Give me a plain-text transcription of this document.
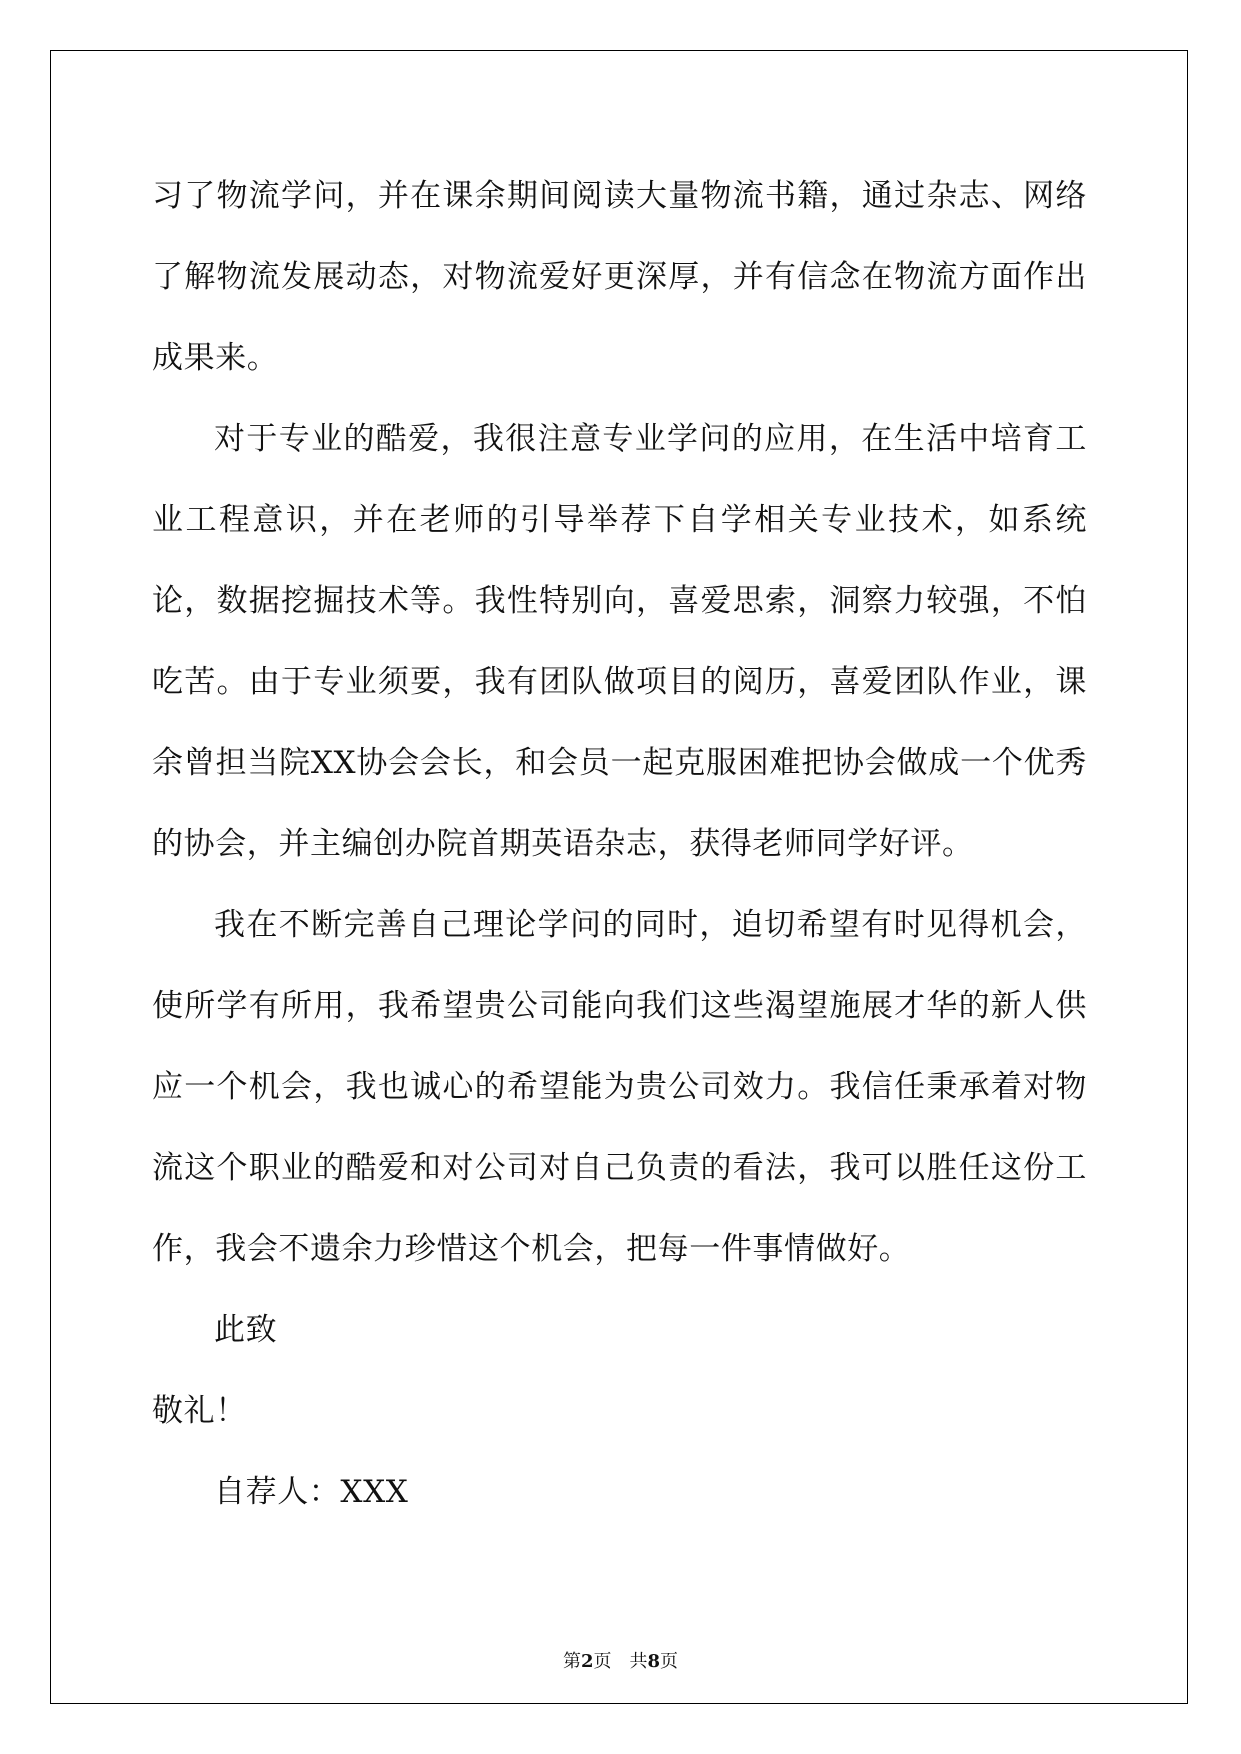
习了物流学问，并在课余期间阅读大量物流书籍，通过杂志、网络了解物流发展动态，对物流爱好更深厚，并有信念在物流方面作出成果来。

对于专业的酷爱，我很注意专业学问的应用，在生活中培育工业工程意识，并在老师的引导举荐下自学相关专业技术，如系统论，数据挖掘技术等。我性特别向，喜爱思索，洞察力较强，不怕吃苦。由于专业须要，我有团队做项目的阅历，喜爱团队作业，课余曾担当院XX协会会长，和会员一起克服困难把协会做成一个优秀的协会，并主编创办院首期英语杂志，获得老师同学好评。

我在不断完善自己理论学问的同时，迫切希望有时见得机会，使所学有所用，我希望贵公司能向我们这些渴望施展才华的新人供应一个机会，我也诚心的希望能为贵公司效力。我信任秉承着对物流这个职业的酷爱和对公司对自己负责的看法，我可以胜任这份工作，我会不遗余力珍惜这个机会，把每一件事情做好。

此致

敬礼！

自荐人：XXX

第2页　共8页
